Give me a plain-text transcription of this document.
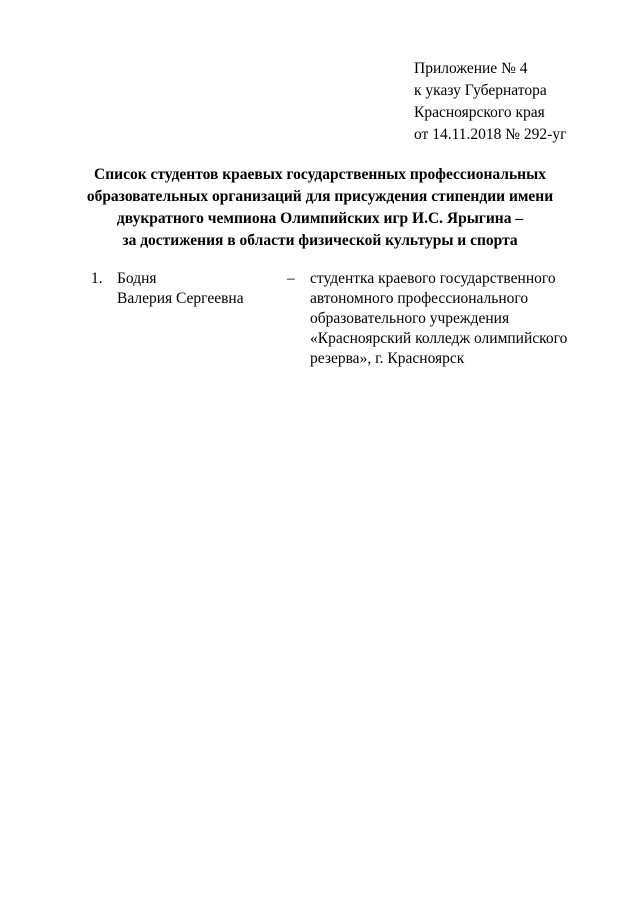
Приложение № 4
к указу Губернатора
Красноярского края
от 14.11.2018 № 292-уг
Список студентов краевых государственных профессиональных
образовательных организаций для присуждения стипендии имени
двукратного чемпиона Олимпийских игр И.С. Ярыгина –
за достижения в области физической культуры и спорта
1. Бодня
Валерия Сергеевна
– студентка краевого государственного
автономного профессионального
образовательного учреждения
«Красноярский колледж олимпийского
резерва», г. Красноярск
